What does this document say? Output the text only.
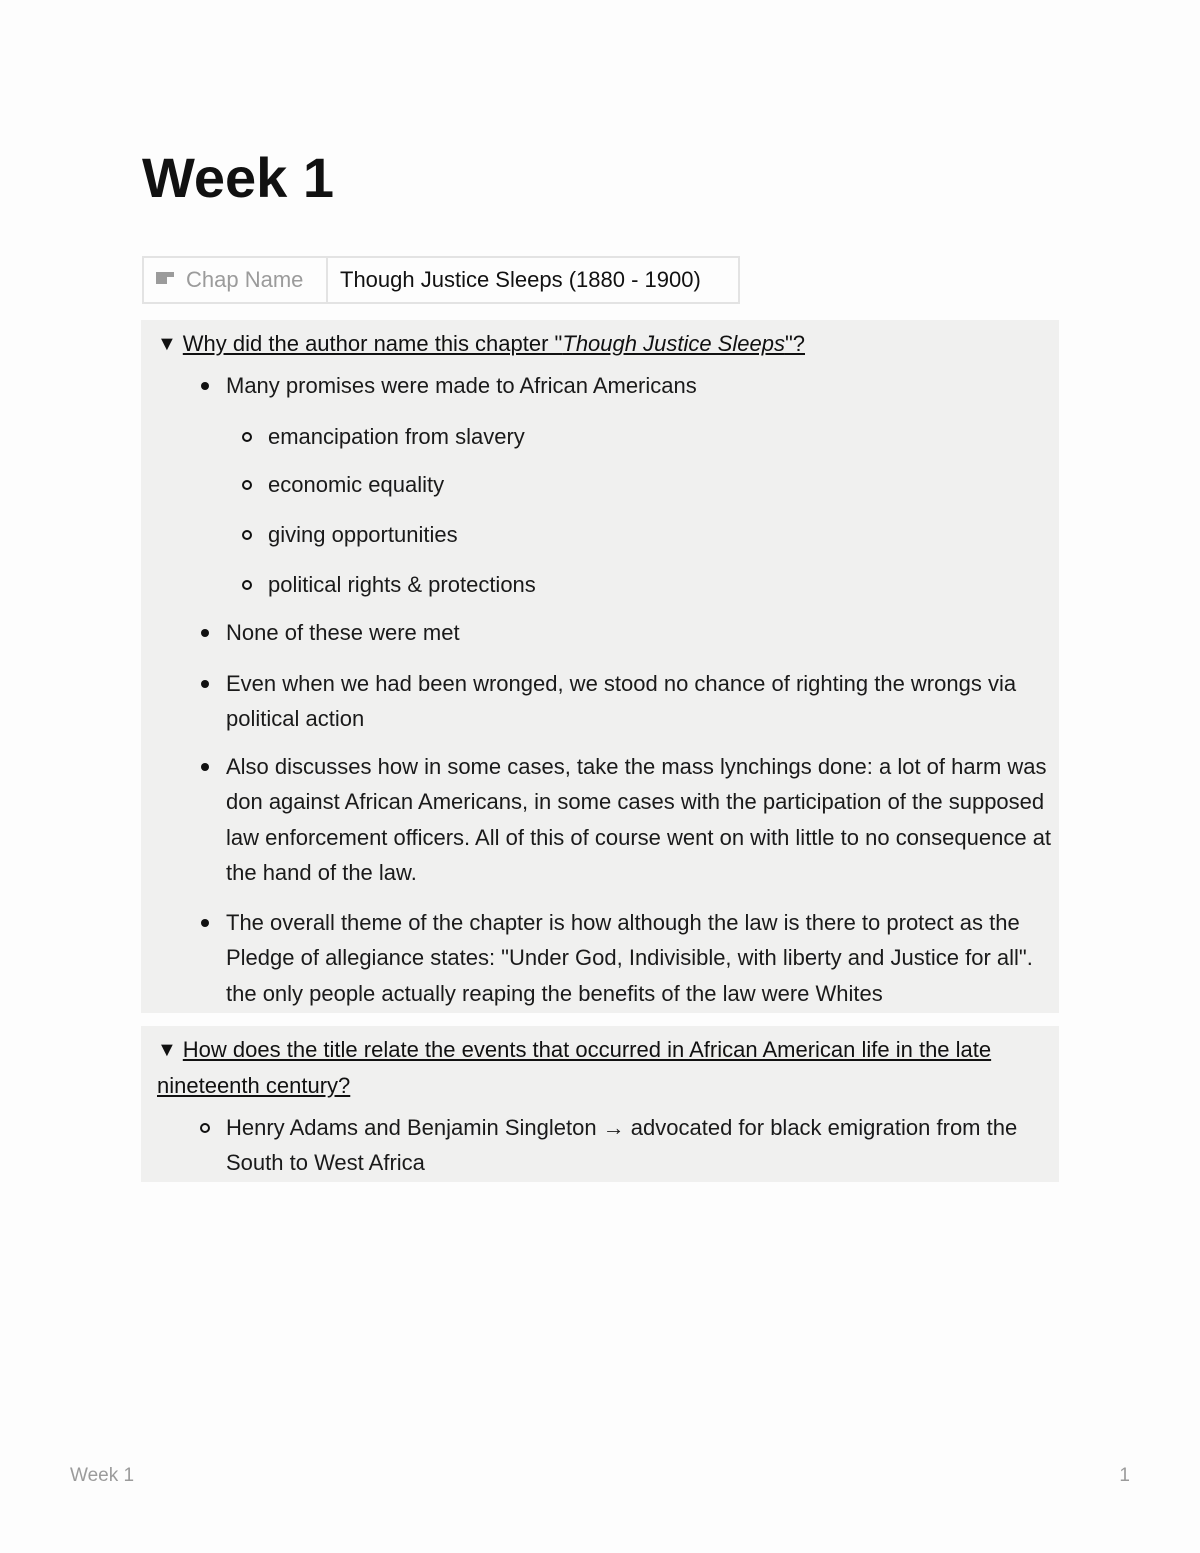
Week 1
Chap Name	Though Justice Sleeps (1880 - 1900)
▼ Why did the author name this chapter "Though Justice Sleeps"?
Many promises were made to African Americans
emancipation from slavery
economic equality
giving opportunities
political rights & protections
None of these were met
Even when we had been wronged, we stood no chance of righting the wrongs via political action
Also discusses how in some cases, take the mass lynchings done: a lot of harm was don against African Americans, in some cases with the participation of the supposed law enforcement officers. All of this of course went on with little to no consequence at the hand of the law.
The overall theme of the chapter is how although the law is there to protect as the Pledge of allegiance states: "Under God, Indivisible, with liberty and Justice for all". the only people actually reaping the benefits of the law were Whites
▼ How does the title relate the events that occurred in African American life in the late nineteenth century?
Henry Adams and Benjamin Singleton → advocated for black emigration from the South to West Africa
Week 1	1
